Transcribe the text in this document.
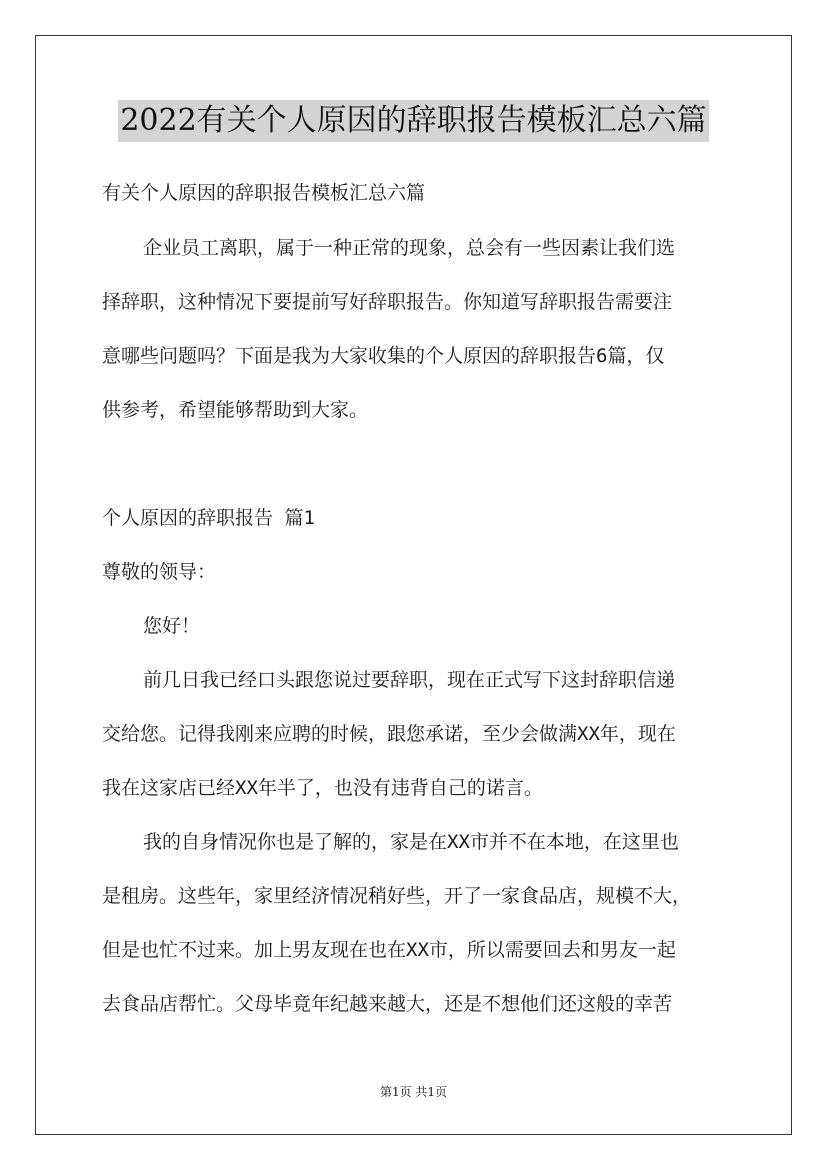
2022有关个人原因的辞职报告模板汇总六篇
有关个人原因的辞职报告模板汇总六篇
企业员工离职，属于一种正常的现象，总会有一些因素让我们选
择辞职，这种情况下要提前写好辞职报告。你知道写辞职报告需要注
意哪些问题吗？下面是我为大家收集的个人原因的辞职报告6篇，仅
供参考，希望能够帮助到大家。
个人原因的辞职报告 篇1
尊敬的领导：
您好！
前几日我已经口头跟您说过要辞职，现在正式写下这封辞职信递
交给您。记得我刚来应聘的时候，跟您承诺，至少会做满XX年，现在
我在这家店已经XX年半了，也没有违背自己的诺言。
我的自身情况你也是了解的，家是在XX市并不在本地，在这里也
是租房。这些年，家里经济情况稍好些，开了一家食品店，规模不大，
但是也忙不过来。加上男友现在也在XX市，所以需要回去和男友一起
去食品店帮忙。父母毕竟年纪越来越大，还是不想他们还这般的幸苦
第1页 共1页
